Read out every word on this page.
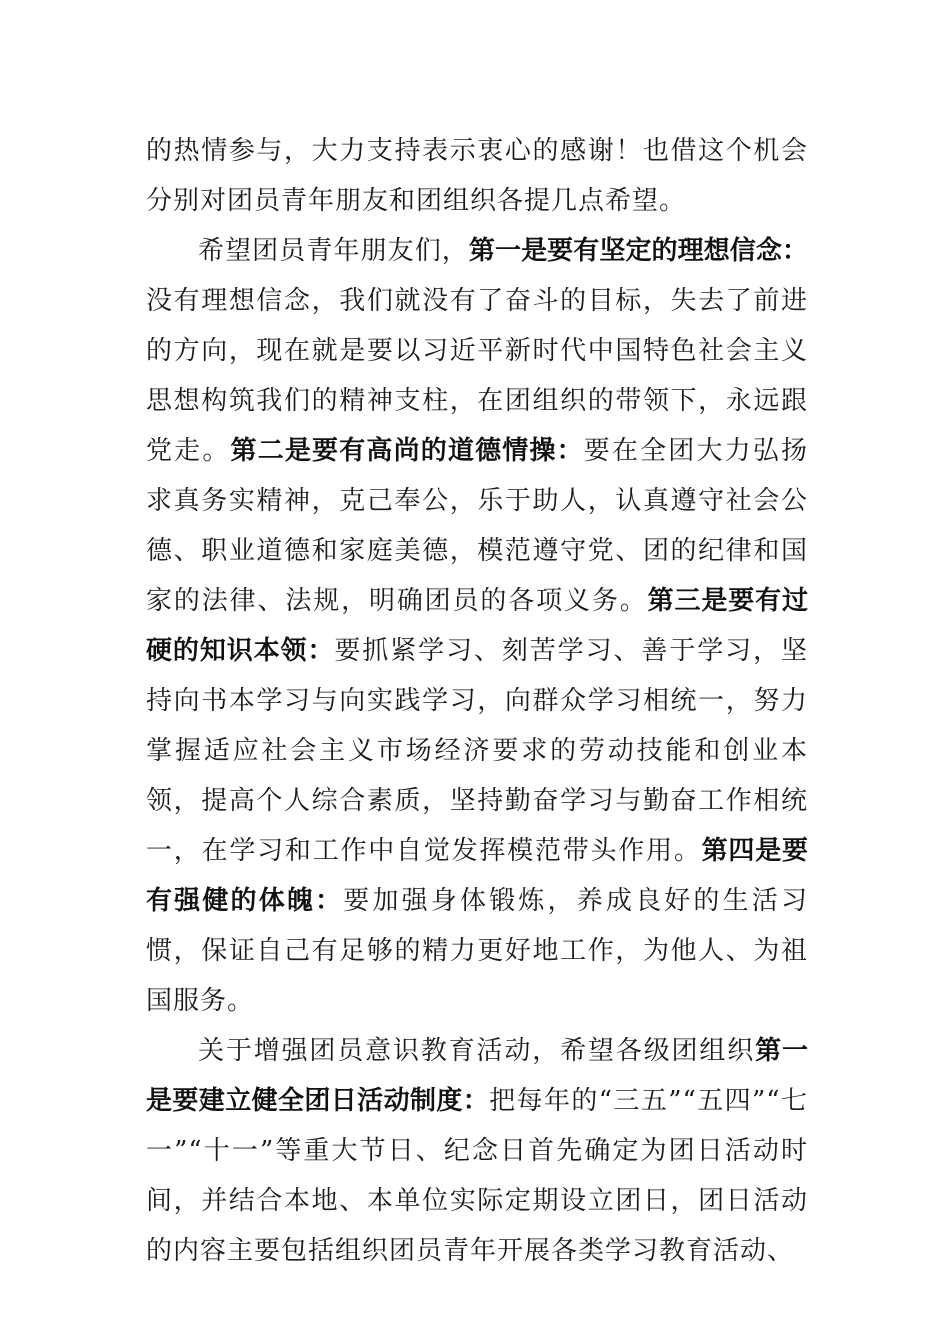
的热情参与，大力支持表示衷心的感谢！也借这个机会分别对团员青年朋友和团组织各提几点希望。

希望团员青年朋友们，第一是要有坚定的理想信念：没有理想信念，我们就没有了奋斗的目标，失去了前进的方向，现在就是要以习近平新时代中国特色社会主义思想构筑我们的精神支柱，在团组织的带领下，永远跟党走。第二是要有高尚的道德情操：要在全团大力弘扬求真务实精神，克己奉公，乐于助人，认真遵守社会公德、职业道德和家庭美德，模范遵守党、团的纪律和国家的法律、法规，明确团员的各项义务。第三是要有过硬的知识本领：要抓紧学习、刻苦学习、善于学习，坚持向书本学习与向实践学习，向群众学习相统一，努力掌握适应社会主义市场经济要求的劳动技能和创业本领，提高个人综合素质，坚持勤奋学习与勤奋工作相统一，在学习和工作中自觉发挥模范带头作用。第四是要有强健的体魄：要加强身体锻炼，养成良好的生活习惯，保证自己有足够的精力更好地工作，为他人、为祖国服务。

关于增强团员意识教育活动，希望各级团组织第一是要建立健全团日活动制度：把每年的“三五”“五四”“七一”“十一”等重大节日、纪念日首先确定为团日活动时间，并结合本地、本单位实际定期设立团日，团日活动的内容主要包括组织团员青年开展各类学习教育活动、
